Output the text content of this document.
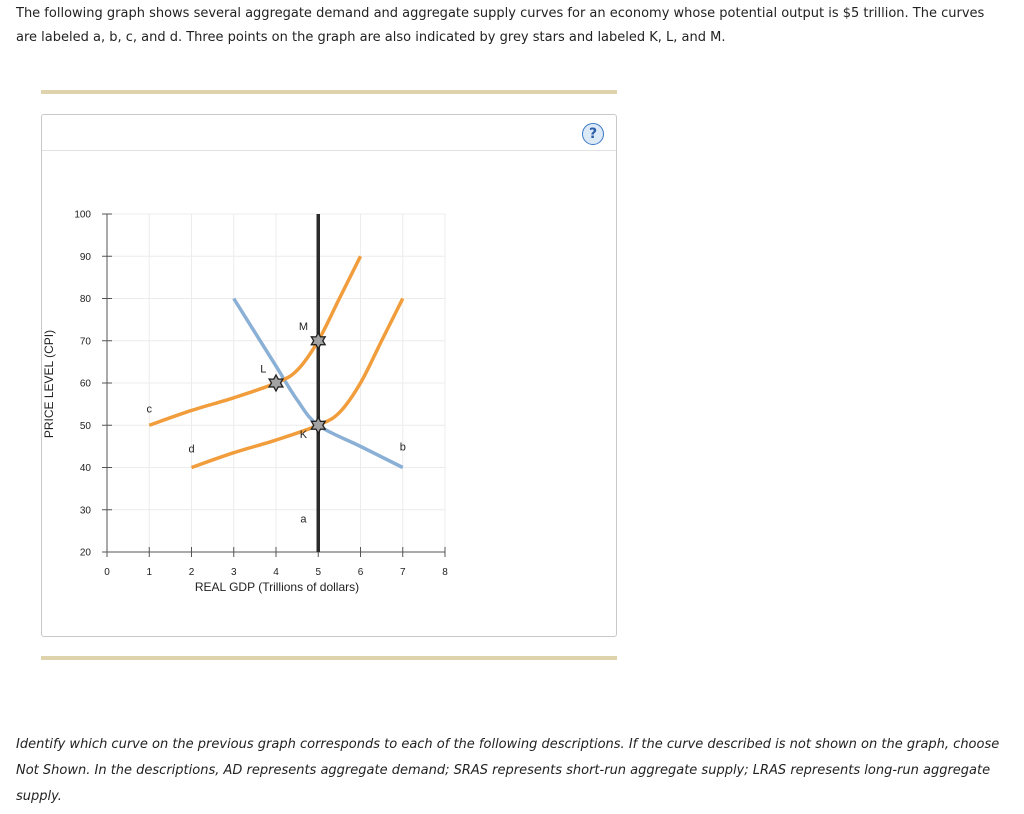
The following graph shows several aggregate demand and aggregate supply curves for an economy whose potential output is $5 trillion. The curves
are labeled a, b, c, and d. Three points on the graph are also indicated by grey stars and labeled K, L, and M.
?
20
30
40
50
60
70
80
90
100
0	1	2	3	4	5	6	7	8
b
c
d
a
K
L
M
PRICE LEVEL (CPI)
REAL GDP (Trillions of dollars)
Identify which curve on the previous graph corresponds to each of the following descriptions. If the curve described is not shown on the graph, choose
Not Shown. In the descriptions, AD represents aggregate demand; SRAS represents short-run aggregate supply; LRAS represents long-run aggregate
supply.
